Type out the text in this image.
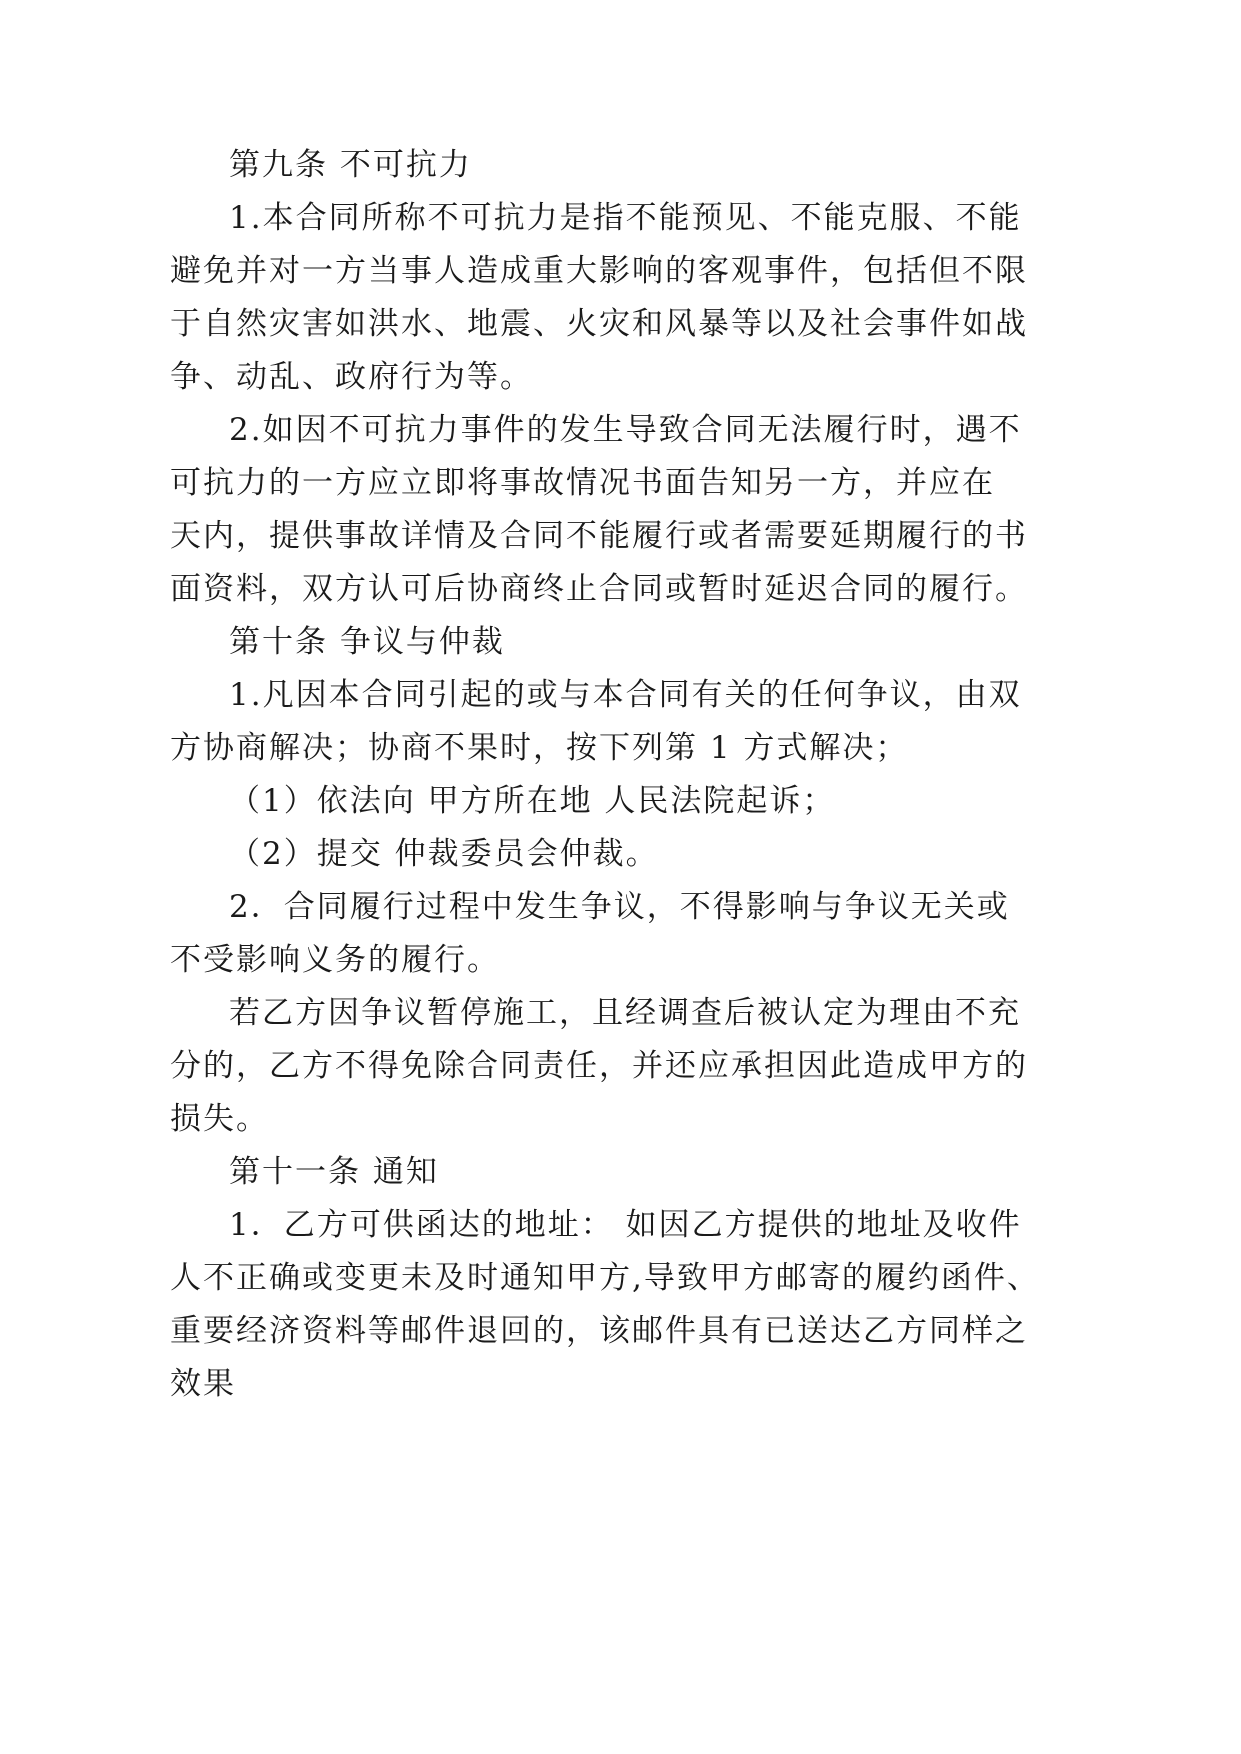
第九条 不可抗力
1.本合同所称不可抗力是指不能预见、不能克服、不能
避免并对一方当事人造成重大影响的客观事件，包括但不限
于自然灾害如洪水、地震、火灾和风暴等以及社会事件如战
争、动乱、政府行为等。
2.如因不可抗力事件的发生导致合同无法履行时，遇不
可抗力的一方应立即将事故情况书面告知另一方，并应在
天内，提供事故详情及合同不能履行或者需要延期履行的书
面资料，双方认可后协商终止合同或暂时延迟合同的履行。
第十条 争议与仲裁
1.凡因本合同引起的或与本合同有关的任何争议，由双
方协商解决；协商不果时，按下列第 1 方式解决；
（1）依法向 甲方所在地 人民法院起诉；
（2）提交 仲裁委员会仲裁。
2．合同履行过程中发生争议，不得影响与争议无关或
不受影响义务的履行。
若乙方因争议暂停施工，且经调查后被认定为理由不充
分的，乙方不得免除合同责任，并还应承担因此造成甲方的
损失。
第十一条 通知
1．乙方可供函达的地址： 如因乙方提供的地址及收件
人不正确或变更未及时通知甲方,导致甲方邮寄的履约函件、
重要经济资料等邮件退回的，该邮件具有已送达乙方同样之
效果
